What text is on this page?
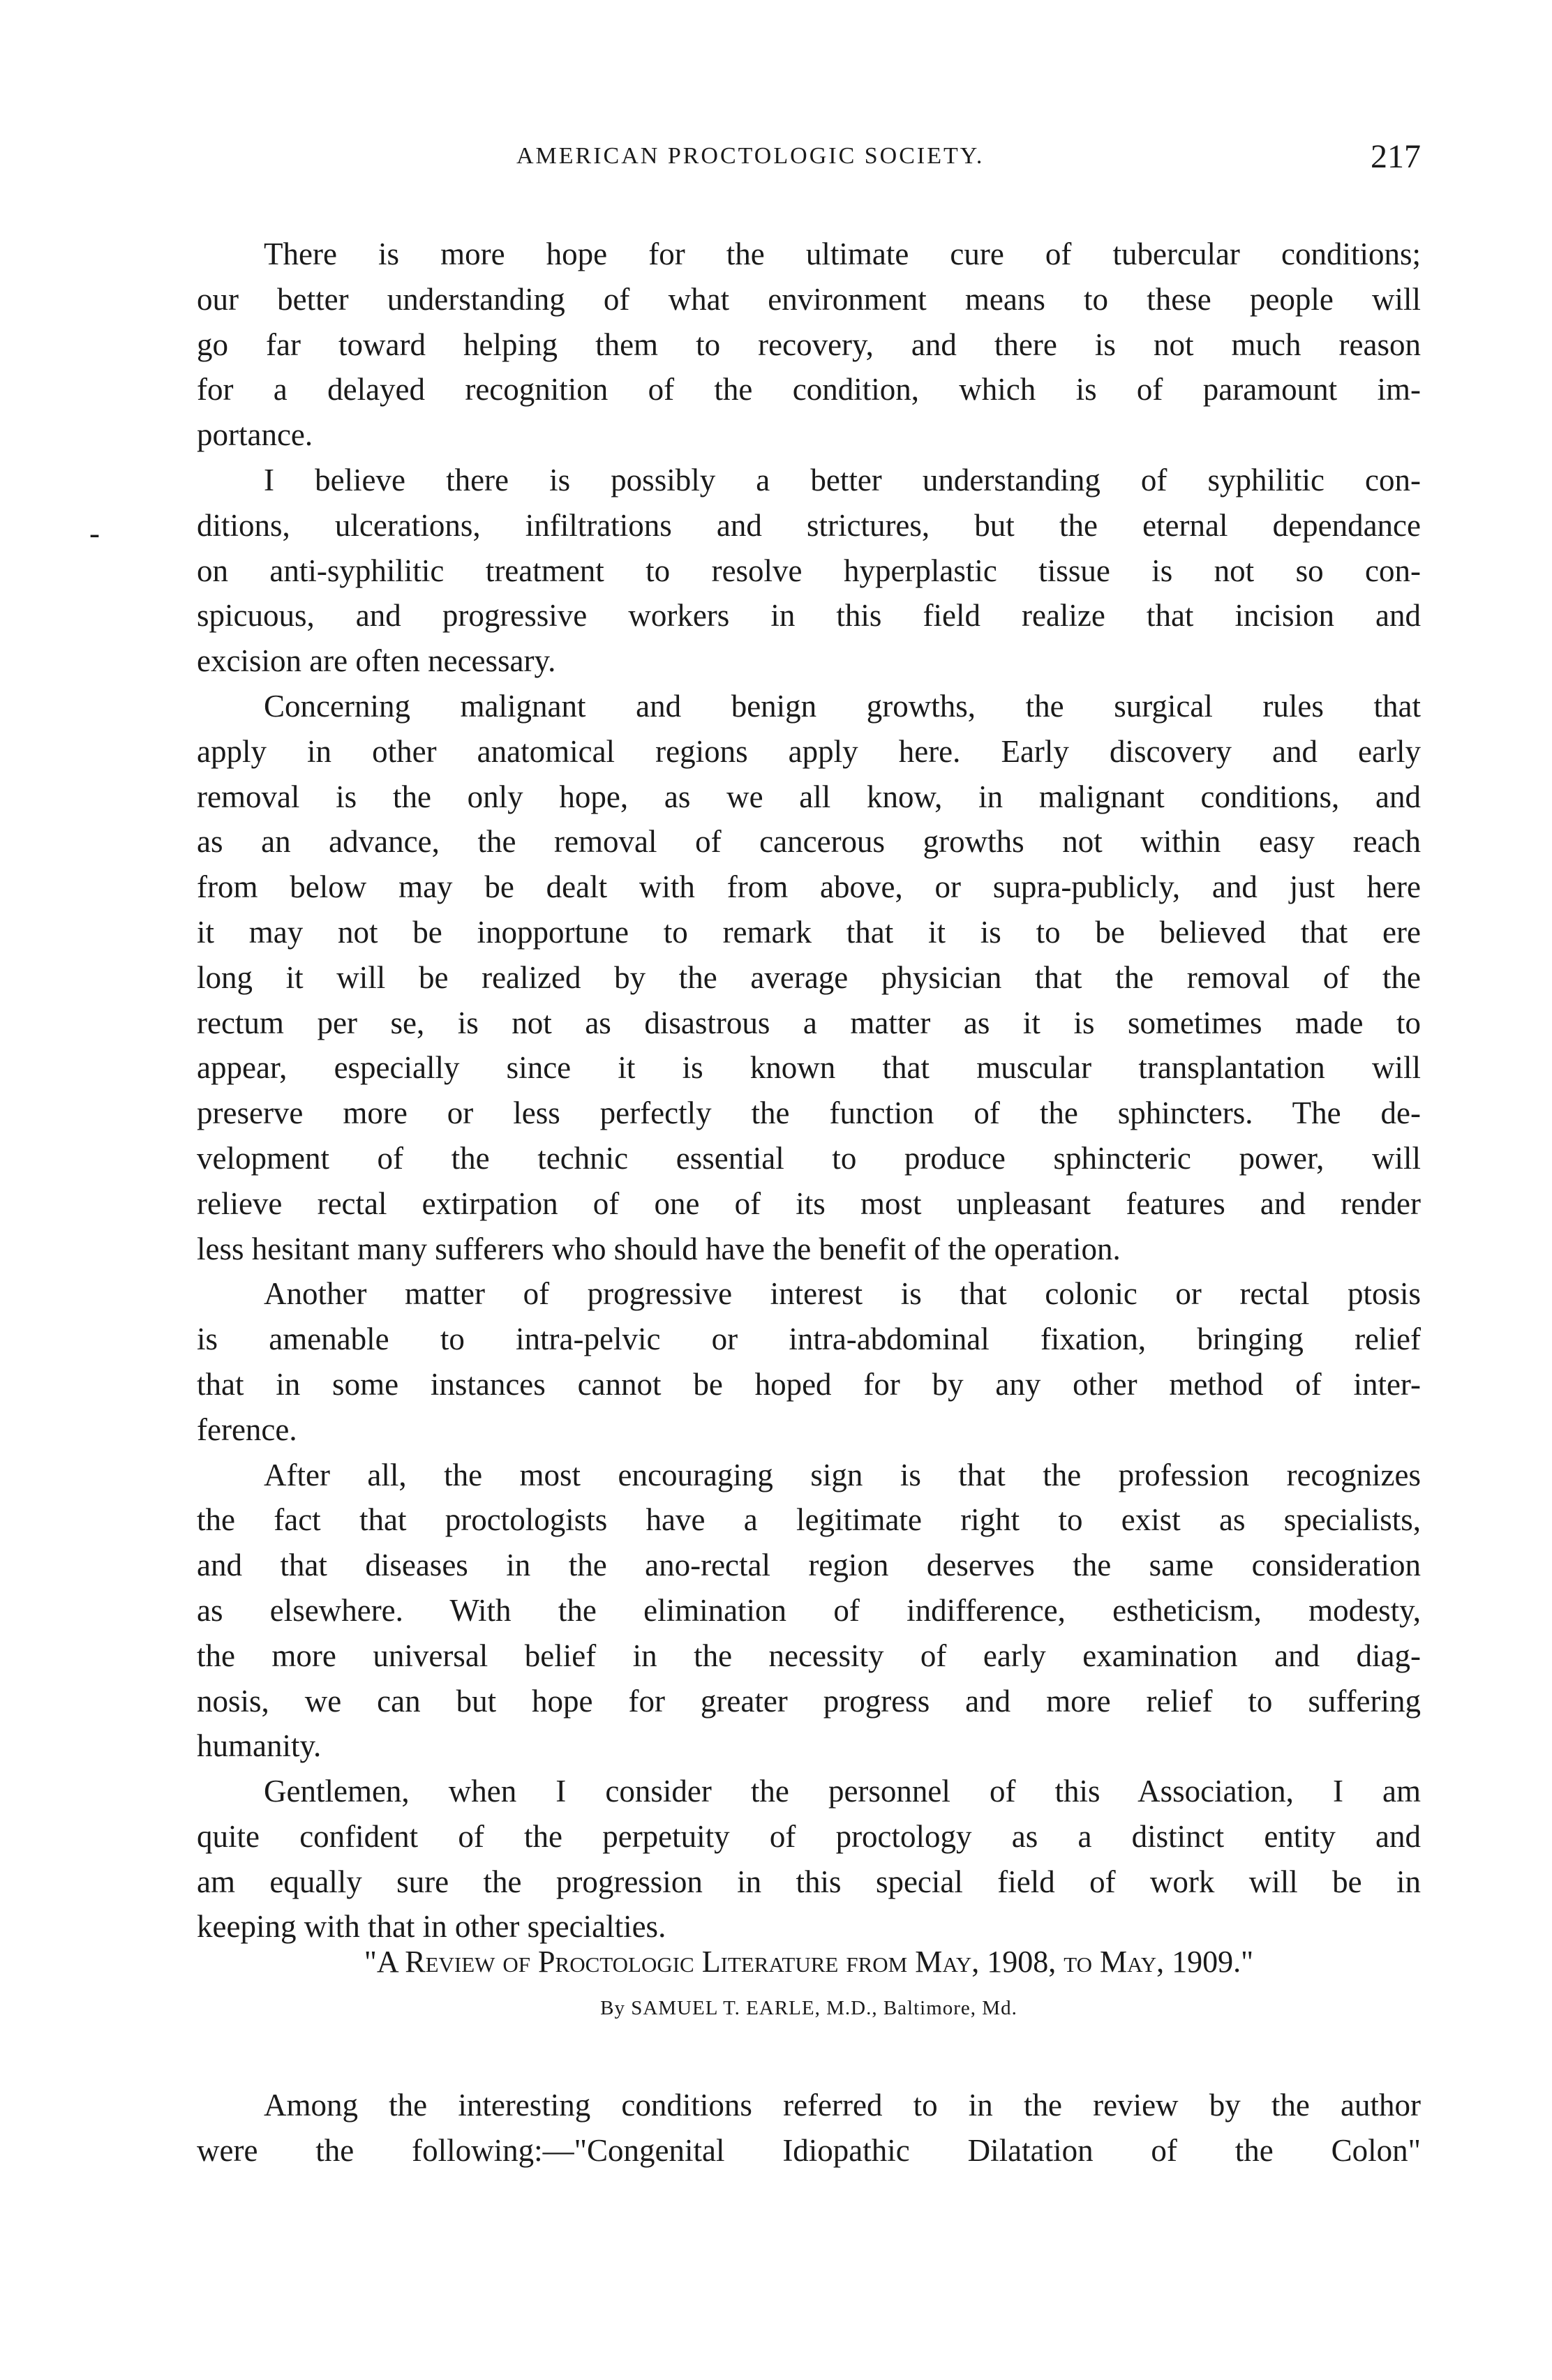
AMERICAN PROCTOLOGIC SOCIETY.	217
-
There is more hope for the ultimate cure of tubercular conditions;
our better understanding of what environment means to these people will
go far toward helping them to recovery, and there is not much reason
for a delayed recognition of the condition, which is of paramount im-
portance.
I believe there is possibly a better understanding of syphilitic con-
ditions, ulcerations, infiltrations and strictures, but the eternal dependance
on anti-syphilitic treatment to resolve hyperplastic tissue is not so con-
spicuous, and progressive workers in this field realize that incision and
excision are often necessary.
Concerning malignant and benign growths, the surgical rules that
apply in other anatomical regions apply here. Early discovery and early
removal is the only hope, as we all know, in malignant conditions, and
as an advance, the removal of cancerous growths not within easy reach
from below may be dealt with from above, or supra-publicly, and just here
it may not be inopportune to remark that it is to be believed that ere
long it will be realized by the average physician that the removal of the
rectum per se, is not as disastrous a matter as it is sometimes made to
appear, especially since it is known that muscular transplantation will
preserve more or less perfectly the function of the sphincters. The de-
velopment of the technic essential to produce sphincteric power, will
relieve rectal extirpation of one of its most unpleasant features and render
less hesitant many sufferers who should have the benefit of the operation.
Another matter of progressive interest is that colonic or rectal ptosis
is amenable to intra-pelvic or intra-abdominal fixation, bringing relief
that in some instances cannot be hoped for by any other method of inter-
ference.
After all, the most encouraging sign is that the profession recognizes
the fact that proctologists have a legitimate right to exist as specialists,
and that diseases in the ano-rectal region deserves the same consideration
as elsewhere. With the elimination of indifference, estheticism, modesty,
the more universal belief in the necessity of early examination and diag-
nosis, we can but hope for greater progress and more relief to suffering
humanity.
Gentlemen, when I consider the personnel of this Association, I am
quite confident of the perpetuity of proctology as a distinct entity and
am equally sure the progression in this special field of work will be in
keeping with that in other specialties.
"A Review of Proctologic Literature from May, 1908, to May, 1909."
By SAMUEL T. EARLE, M.D., Baltimore, Md.
Among the interesting conditions referred to in the review by the author
were the following:—"Congenital Idiopathic Dilatation of the Colon"
